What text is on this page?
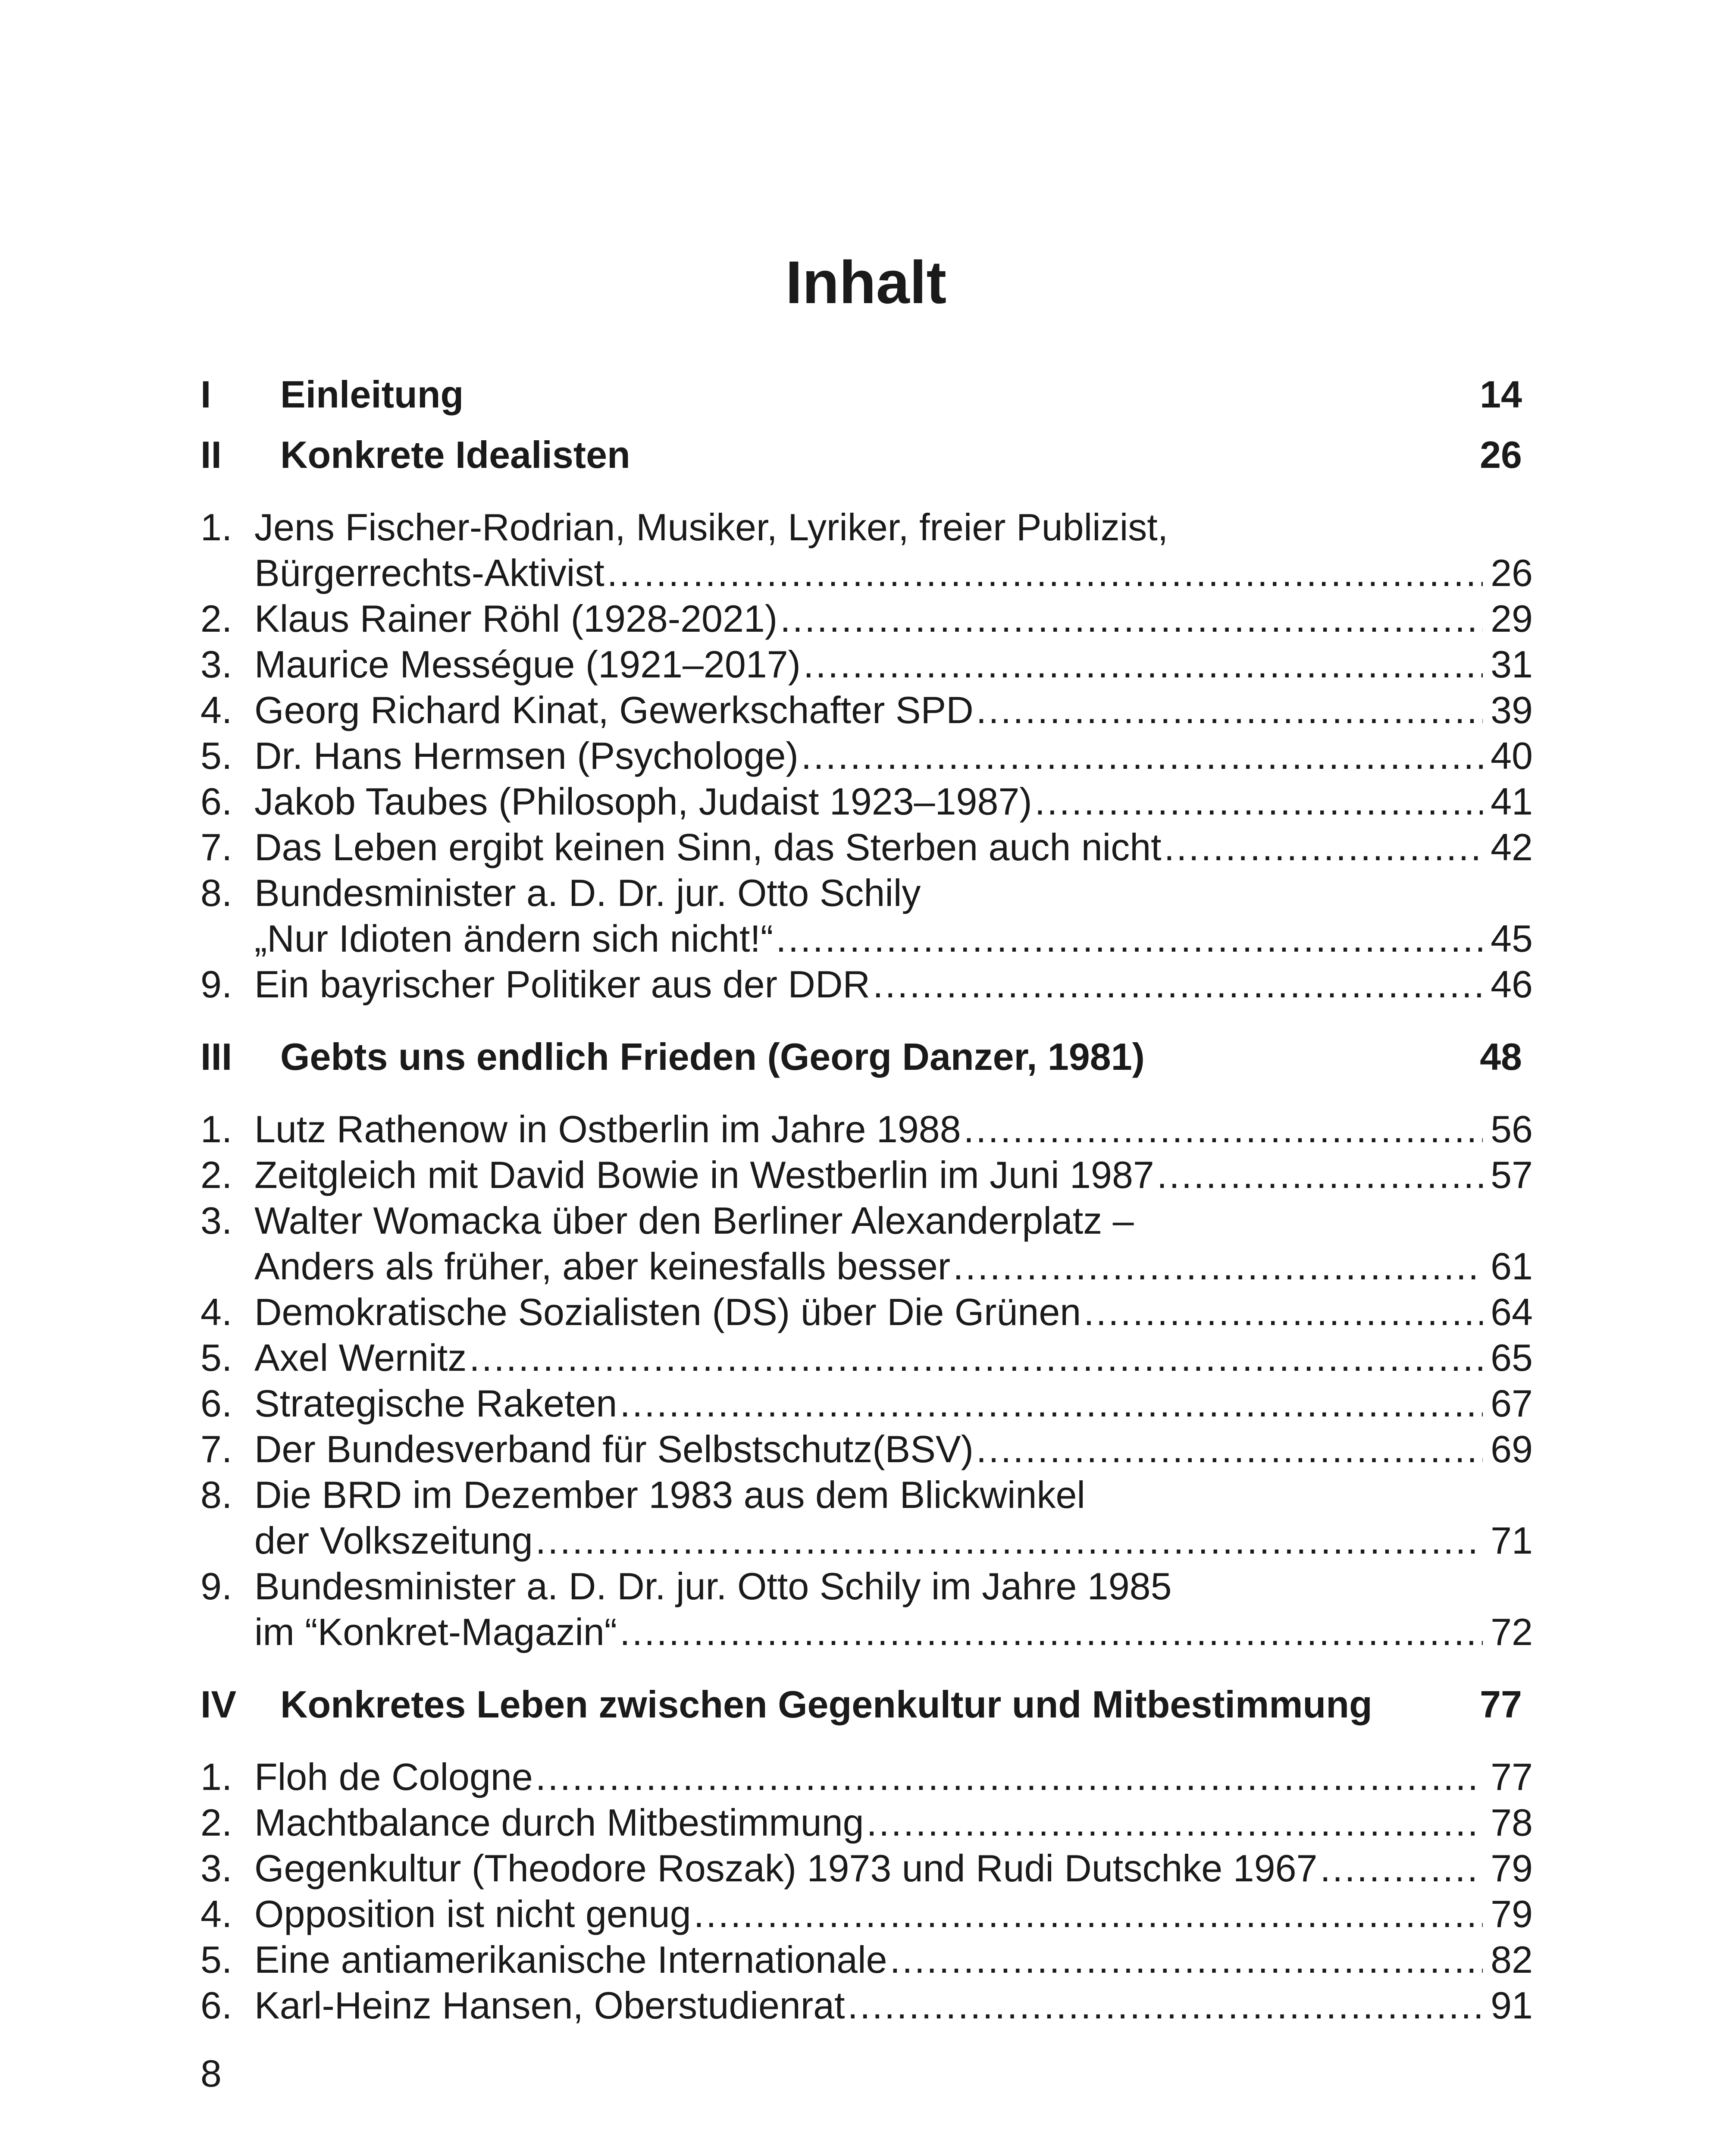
Inhalt
I	Einleitung	14
II	Konkrete Idealisten	26
1. Jens Fischer-Rodrian, Musiker, Lyriker, freier Publizist,
Bürgerrechts-Aktivist .....	26
2. Klaus Rainer Röhl (1928-2021) .....	29
3. Maurice Mességue (1921–2017) .....	31
4. Georg Richard Kinat, Gewerkschafter SPD .....	39
5. Dr. Hans Hermsen (Psychologe) .....	40
6. Jakob Taubes (Philosoph, Judaist 1923–1987) .....	41
7. Das Leben ergibt keinen Sinn, das Sterben auch nicht .....	42
8. Bundesminister a. D. Dr. jur. Otto Schily
„Nur Idioten ändern sich nicht!“ .....	45
9. Ein bayrischer Politiker aus der DDR .....	46
III	Gebts uns endlich Frieden (Georg Danzer, 1981)	48
1. Lutz Rathenow in Ostberlin im Jahre 1988 .....	56
2. Zeitgleich mit David Bowie in Westberlin im Juni 1987 .....	57
3. Walter Womacka über den Berliner Alexanderplatz –
Anders als früher, aber keinesfalls besser .....	61
4. Demokratische Sozialisten (DS) über Die Grünen .....	64
5. Axel Wernitz .....	65
6. Strategische Raketen .....	67
7. Der Bundesverband für Selbstschutz(BSV) .....	69
8. Die BRD im Dezember 1983 aus dem Blickwinkel
der Volkszeitung .....	71
9. Bundesminister a. D. Dr. jur. Otto Schily im Jahre 1985
im “Konkret-Magazin“ .....	72
IV	Konkretes Leben zwischen Gegenkultur und Mitbestimmung	77
1. Floh de Cologne .....	77
2. Machtbalance durch Mitbestimmung .....	78
3. Gegenkultur (Theodore Roszak) 1973 und Rudi Dutschke 1967 .....	79
4. Opposition ist nicht genug .....	79
5. Eine antiamerikanische Internationale .....	82
6. Karl-Heinz Hansen, Oberstudienrat .....	91
8
